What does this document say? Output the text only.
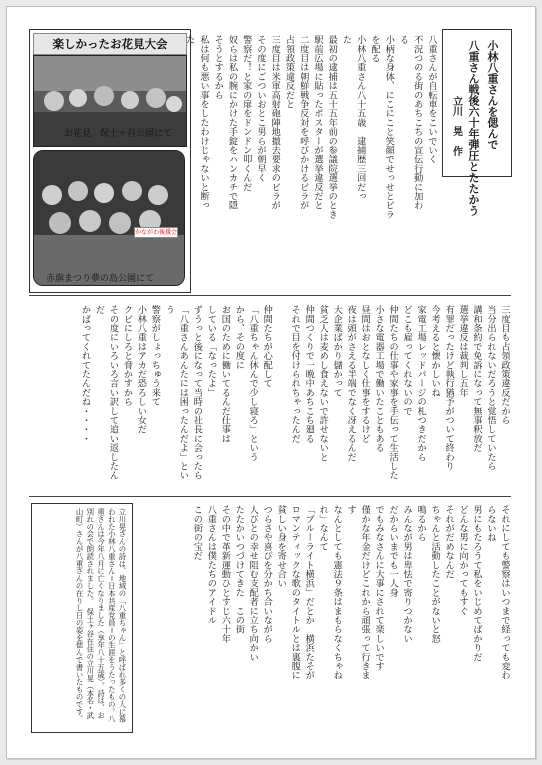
楽しかったお花見大会
お花見　保土ヶ谷公園にて
かながわ後援会
赤旗まつり夢の島公園にて
小林八重さんを偲んで
八重さん戦後六十年弾圧とたたかう
立川　晃　作
八重さんが自転車をこいでいく
不況つのる街のあちこちの宣伝行動に加わ
る
小柄な身体、にこにこと笑顔でせっせとビラ
を配る
小林八重さん八十五歳　逮捕歴三回だっ
た
最初の逮捕は五十五年前の参議院選挙のとき
駅前広場に貼ったポスターが選挙違反だと
二度目は朝鮮戦争反対を呼びかけるビラが
占領政策違反だと
三度目は米軍高射砲陣地撤去要求のビラが
その度にごついおとこ男らが朝早く
警察だ！と家の扉をドンドン叩くんだ
奴らは私の腕にかけた手錠をハンカチで隠
そうとするから
私は何も悪い事をしたわけじゃないと断っ
た
三度目も占領政策違反だから
当分出られないだろうと覚悟していたら
講和条約で免訴になって無事釈放だ
選挙違反は裁判し五年
有罪だったけど執行猶予がついて終わり
今考えると懐かしいね
家電工場レッドパージの札つきだから
どこも雇ってくれないので
仲間たちの仕事や家事を手伝って生活した
小さな電器工場で働いたこともある
昼間はおとなしく仕事をするけど
夜は頭がさえる半端でなく冴えるんだ
大企業ばかり儲かって
貧乏人は麦めし食えないで許せないと
仲間つくりで一晩中あちこち廻る
それで目を付けられちゃったんだ

仲間たちが心配して
「八重ちゃん休んで少し寝ろ」という
から、その度に
お国のために働いてるんだ仕事は
している「なったよ」
ずうっと後になって当時の社長に会ったら
「八重さんあんたには困ったんだよ」とい
う
警察がしょっちゅう来て
小林八重はアカだ恐ろしい女だ
クビにしろと脅かすから
その度にいろいろ言い訳して追い返したん
だ
かばってくれてたんだね・・・・
それにしても警察はいつまで経っても変わ
らないね
男にもたろうて私をいじめてばかりだ
どんな男に向かってもすぐ
それがだめなんだ
ちゃんと活動したことがないと怒
鳴るから
みんなが男は卑怯で寄りつかない
だからいまでも一人身
でもみなさんに大事にされて楽しいです
僅かな年金だけどこれから頑張って行きま
す
なんとしても憲法９条はまもらなくちゃね
れ」なんて
「ブルーライト横浜」だとか　横浜たそが
ロマンティックな歌のタイトルとは裏腹に
貧しい身を寄せ合い
つらさや喜びを分かち合いながら
人びとの幸せ阻む支配者に立ち向かい
たたかいつづけてきた　この街
その中で革新運動ひとすじ六十年
八重さんは僕たちのアイドル
この街の宝だ
立川晃さんの詩は、地域の「八重ちゃん」と呼ばれ多くの人に慕われた小林八重さん＝日本共産党員＝の生涯をうたったもの。八重さんは今年八月に亡くなりました（享年八十五歳）。詩は、お別れの会で朗読されました。　保土ヶ谷在住の立川晃（本名・武山町）さんが八重さんの在りし日の姿を偲んで書いたものです。
